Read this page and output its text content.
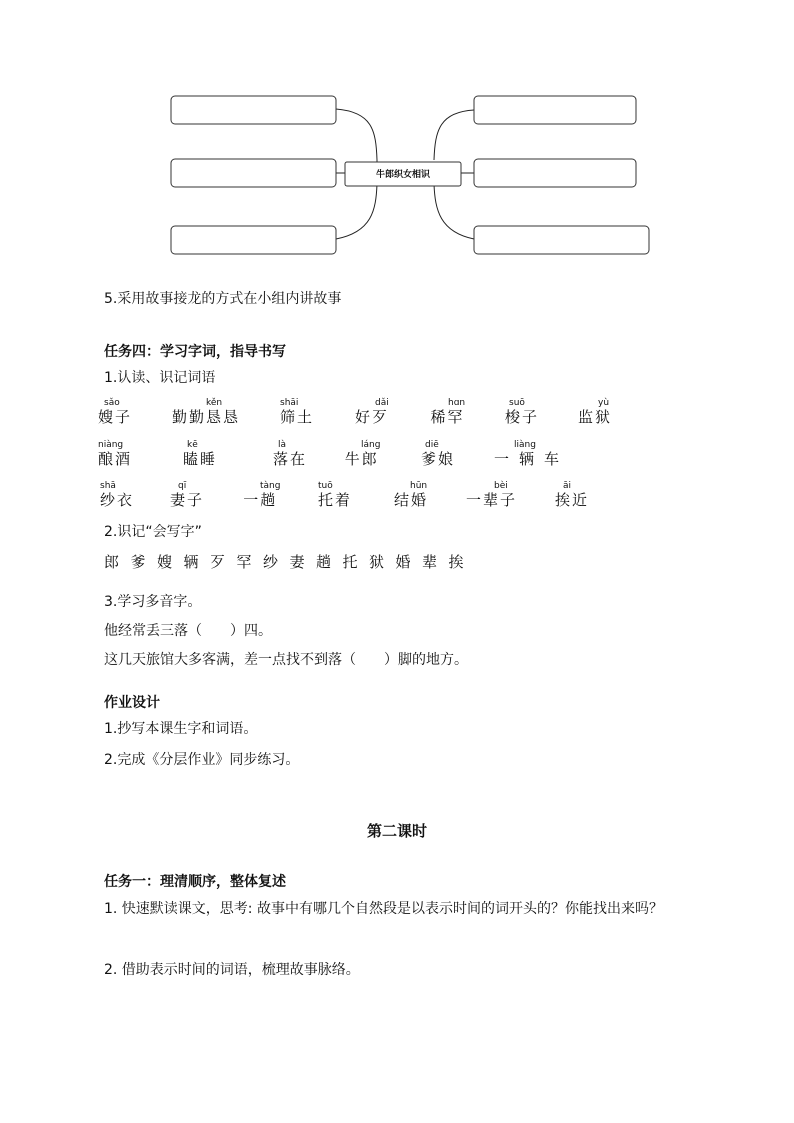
牛郎织女相识
5.采用故事接龙的方式在小组内讲故事
任务四：学习字词，指导书写
1.认读、识记词语
sǎo
嫂子
kěn
勤勤恳恳
shāi
筛土
dǎi
好歹
hɑn
稀罕
suō
梭子
yù
监狱
niàng
酿酒
kē
瞌睡
là
落在
láng
牛郎
diē
爹娘
liàng
一辆车
shā
纱衣
qī
妻子
tàng
一趟
tuō
托着
hūn
结婚
bèi
一辈子
āi
挨近
2.识记“会写字”
郎 爹 嫂 辆 歹 罕 纱 妻 趟 托 狱 婚 辈 挨
3.学习多音字。
他经常丢三落（　　）四。
这几天旅馆大多客满，差一点找不到落（　　）脚的地方。
作业设计
1.抄写本课生字和词语。
2.完成《分层作业》同步练习。
第二课时
任务一：理清顺序，整体复述
1. 快速默读课文，思考: 故事中有哪几个自然段是以表示时间的词开头的？你能找出来吗？
2. 借助表示时间的词语，梳理故事脉络。
